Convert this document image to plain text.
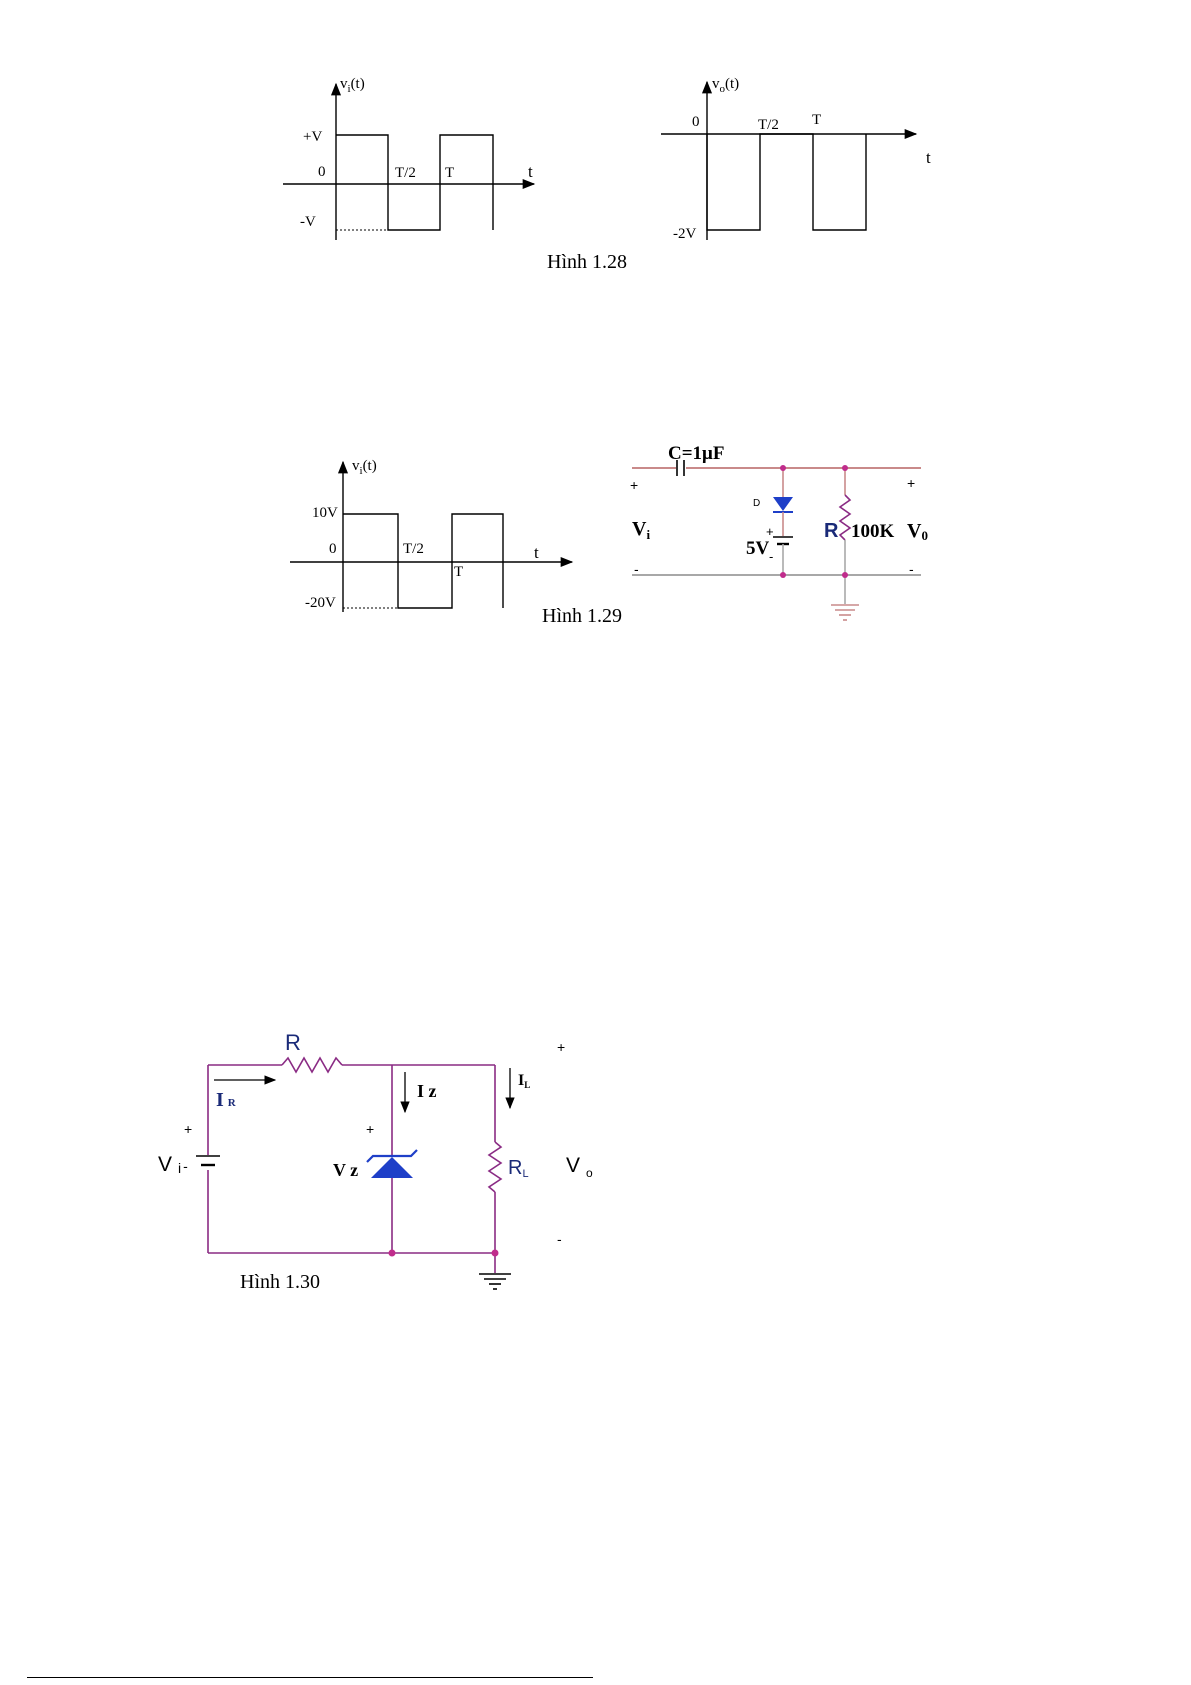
$v_i(t)$
+V
0
-V
T/2 T	t
$v_o(t)$
0	T/2 T
-2V
t
Hình 1.28
$v_i(t)$
10V
0
-20V
T/2
T
t
Hình 1.29
C=1μF
+
-
$V_i$
D
+
5V -
R 100K V0
+
-
R
I R
I z
IL
+
Vi -
+
V z	RL V $_o$
+
-
Hình 1.30
